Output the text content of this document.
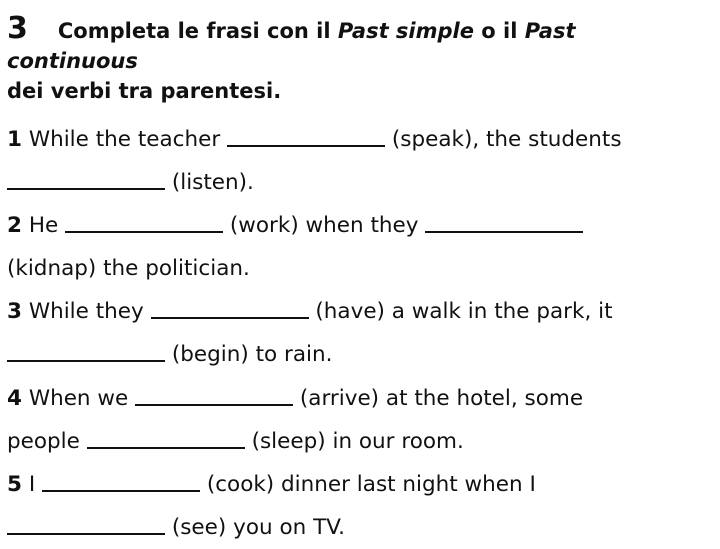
3 Completa le frasi con il Past simple o il Past continuous
dei verbi tra parentesi.
1 While the teacher	(speak), the students
(listen).
2 He	(work) when they
(kidnap) the politician.
3 While they	(have) a walk in the park, it
(begin) to rain.
4 When we	(arrive) at the hotel, some
people	(sleep) in our room.
5 I	(cook) dinner last night when I
(see) you on TV.
